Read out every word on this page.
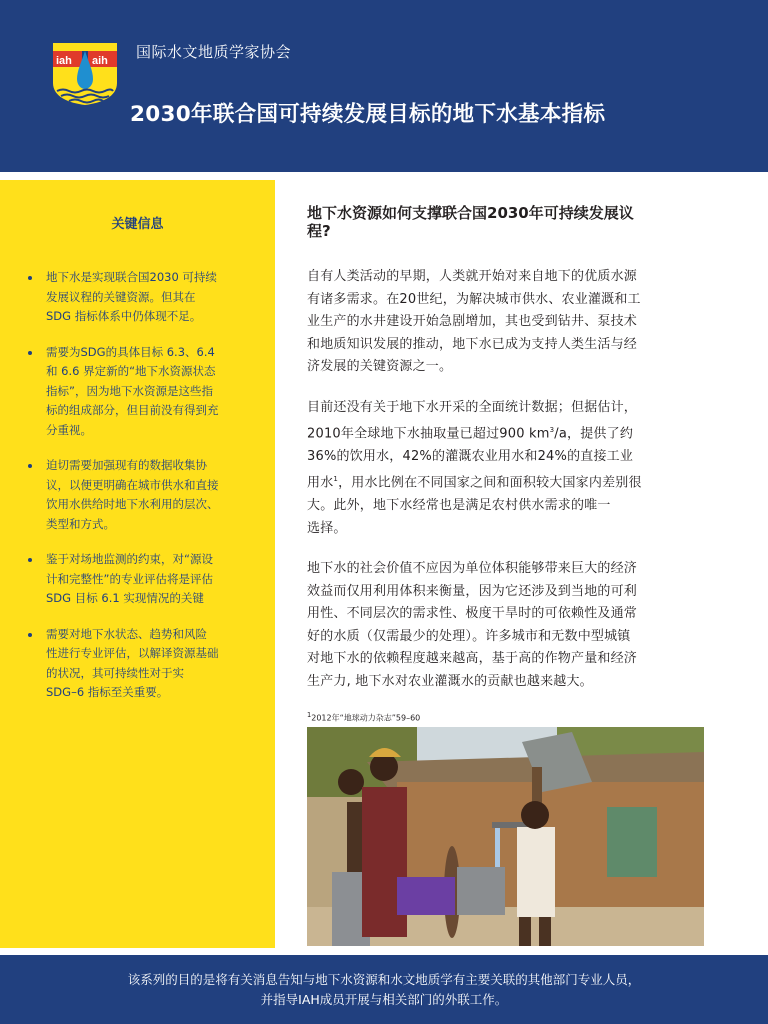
iah aih 国际水文地质学家协会
2030年联合国可持续发展目标的地下水基本指标
关键信息
地下水是实现联合国2030 可持续
发展议程的关键资源。但其在
SDG 指标体系中仍体现不足。
需要为SDG的具体目标 6.3、6.4
和 6.6 界定新的“地下水资源状态
指标”，因为地下水资源是这些指
标的组成部分，但目前没有得到充
分重视。
迫切需要加强现有的数据收集协
议，以便更明确在城市供水和直接
饮用水供给时地下水利用的层次、
类型和方式。
鉴于对场地监测的约束，对“源设
计和完整性”的专业评估将是评估
SDG 目标 6.1 实现情况的关键
需要对地下水状态、趋势和风险
性进行专业评估，以解译资源基础
的状况，其可持续性对于实
SDG–6 指标至关重要。
地下水资源如何支撑联合国2030年可持续发展议
程?
自有人类活动的早期，人类就开始对来自地下的优质水源
有诸多需求。在20世纪，为解决城市供水、农业灌溉和工
业生产的水井建设开始急剧增加，其也受到钻井、泵技术
和地质知识发展的推动，地下水已成为支持人类生活与经
济发展的关键资源之一。
目前还没有关于地下水开采的全面统计数据；但据估计，
2010年全球地下水抽取量已超过900 $km^3/a$，提供了约
36%的饮用水，42%的灌溉农业用水和24%的直接工业
用水$^1$，用水比例在不同国家之间和面积较大国家内差别很
大。此外，地下水经常也是满足农村供水需求的唯一
选择。
地下水的社会价值不应因为单位体积能够带来巨大的经济
效益而仅用利用体积来衡量，因为它还涉及到当地的可利
用性、不同层次的需求性、极度干旱时的可依赖性及通常
好的水质（仅需最少的处理）。许多城市和无数中型城镇
对地下水的依赖程度越来越高，基于高的作物产量和经济
生产力, 地下水对农业灌溉水的贡献也越来越大。
$^1$2012年“地球动力杂志”59–60
该系列的目的是将有关消息告知与地下水资源和水文地质学有主要关联的其他部门专业人员，
并指导IAH成员开展与相关部门的外联工作。
